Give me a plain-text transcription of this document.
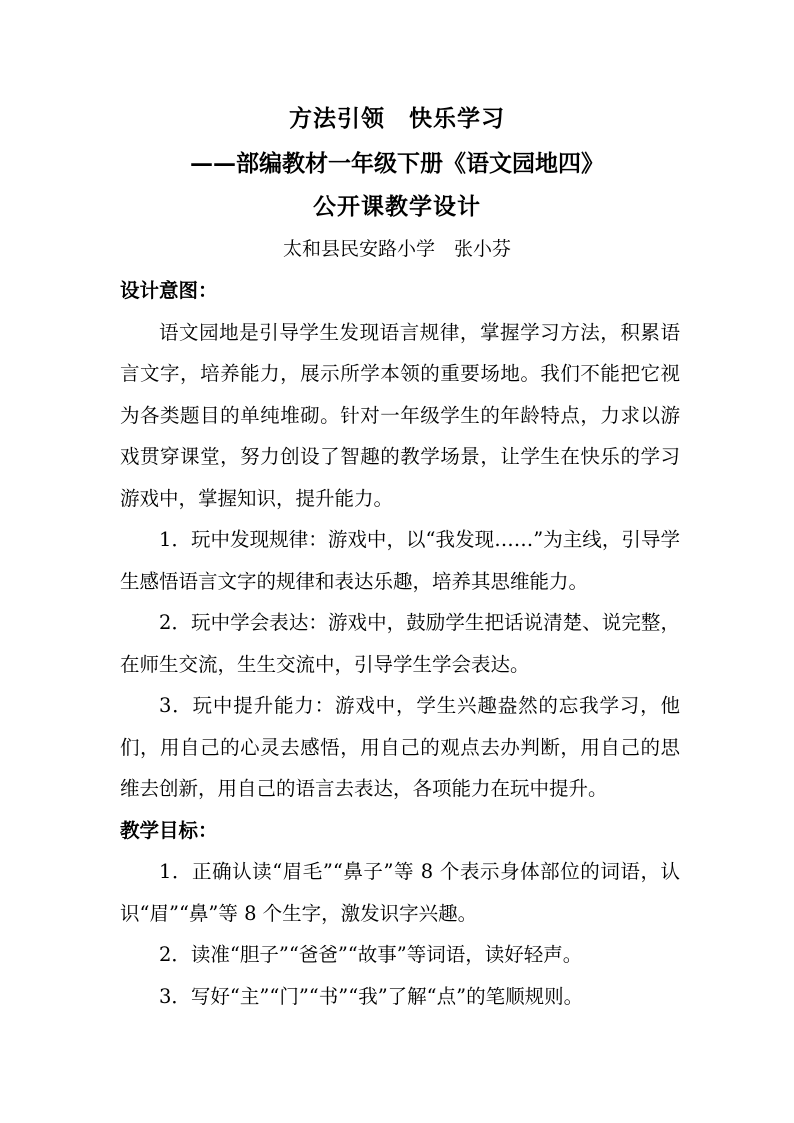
方法引领　快乐学习
——部编教材一年级下册《语文园地四》
公开课教学设计
太和县民安路小学　张小芬

设计意图：

语文园地是引导学生发现语言规律，掌握学习方法，积累语言文字，培养能力，展示所学本领的重要场地。我们不能把它视为各类题目的单纯堆砌。针对一年级学生的年龄特点，力求以游戏贯穿课堂，努力创设了智趣的教学场景，让学生在快乐的学习游戏中，掌握知识，提升能力。

1．玩中发现规律：游戏中，以“我发现……”为主线，引导学生感悟语言文字的规律和表达乐趣，培养其思维能力。

2．玩中学会表达：游戏中，鼓励学生把话说清楚、说完整，在师生交流，生生交流中，引导学生学会表达。

3．玩中提升能力：游戏中，学生兴趣盎然的忘我学习，他们，用自己的心灵去感悟，用自己的观点去办判断，用自己的思维去创新，用自己的语言去表达，各项能力在玩中提升。

教学目标：

1．正确认读“眉毛”“鼻子”等 8 个表示身体部位的词语，认识“眉”“鼻”等 8 个生字，激发识字兴趣。

2．读准“胆子”“爸爸”“故事”等词语，读好轻声。

3．写好“主”“门”“书”“我”了解“点”的笔顺规则。
